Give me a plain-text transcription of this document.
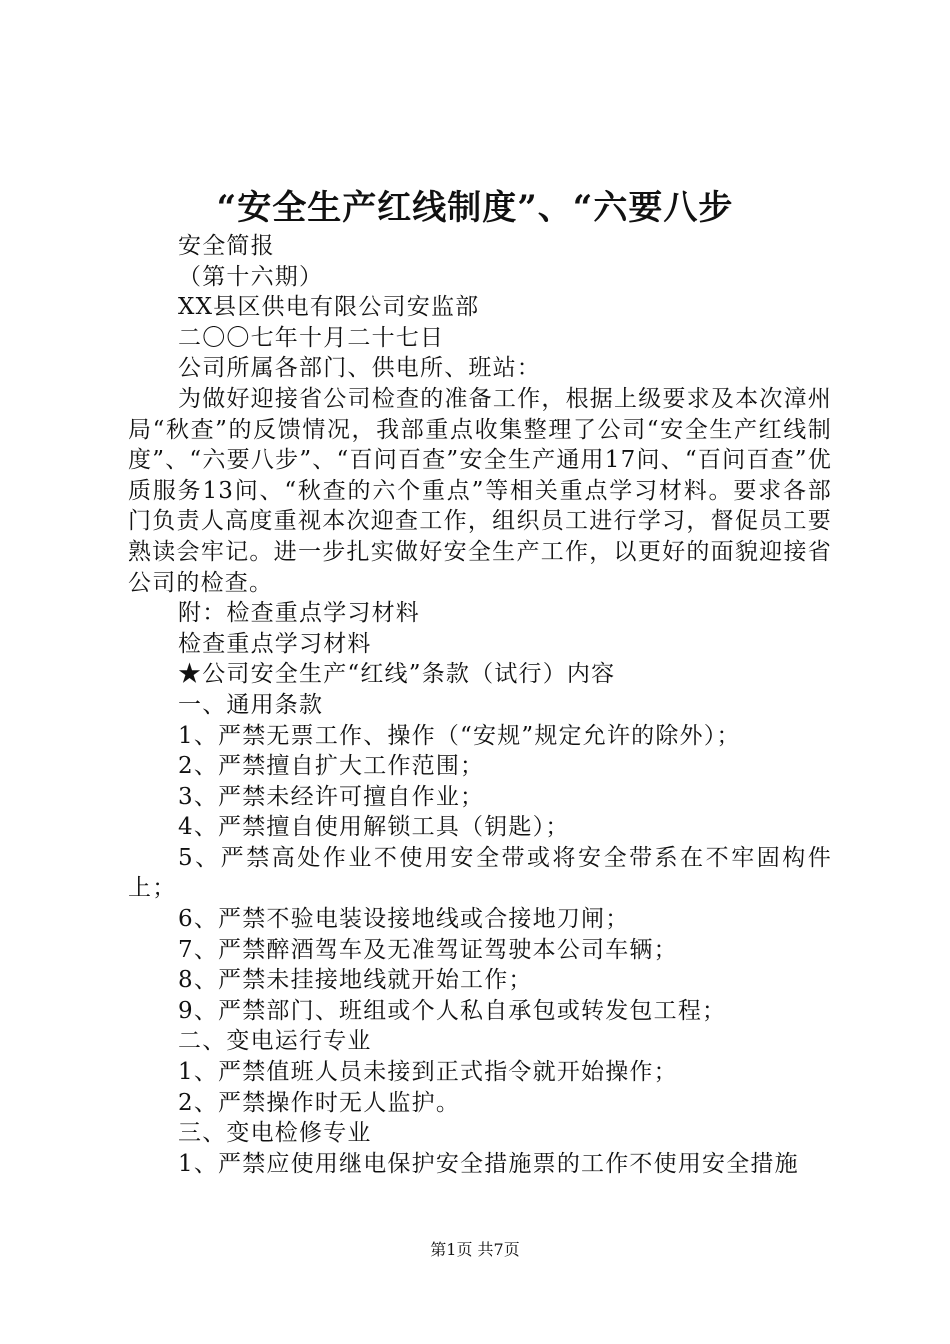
“安全生产红线制度”、“六要八步

安全简报

（第十六期）

XX县区供电有限公司安监部

二〇〇七年十月二十七日

公司所属各部门、供电所、班站：

为做好迎接省公司检查的准备工作，根据上级要求及本次漳州局“秋查”的反馈情况，我部重点收集整理了公司“安全生产红线制度”、“六要八步”、“百问百查”安全生产通用17问、“百问百查”优质服务13问、“秋查的六个重点”等相关重点学习材料。要求各部门负责人高度重视本次迎查工作，组织员工进行学习，督促员工要熟读会牢记。进一步扎实做好安全生产工作，以更好的面貌迎接省公司的检查。

附：检查重点学习材料

检查重点学习材料

★公司安全生产“红线”条款（试行）内容

一、通用条款

1、严禁无票工作、操作（“安规”规定允许的除外）；

2、严禁擅自扩大工作范围；

3、严禁未经许可擅自作业；

4、严禁擅自使用解锁工具（钥匙）；

5、严禁高处作业不使用安全带或将安全带系在不牢固构件上；

6、严禁不验电装设接地线或合接地刀闸；

7、严禁醉酒驾车及无准驾证驾驶本公司车辆；

8、严禁未挂接地线就开始工作；

9、严禁部门、班组或个人私自承包或转发包工程；

二、变电运行专业

1、严禁值班人员未接到正式指令就开始操作；

2、严禁操作时无人监护。

三、变电检修专业

1、严禁应使用继电保护安全措施票的工作不使用安全措施

第1页 共7页
